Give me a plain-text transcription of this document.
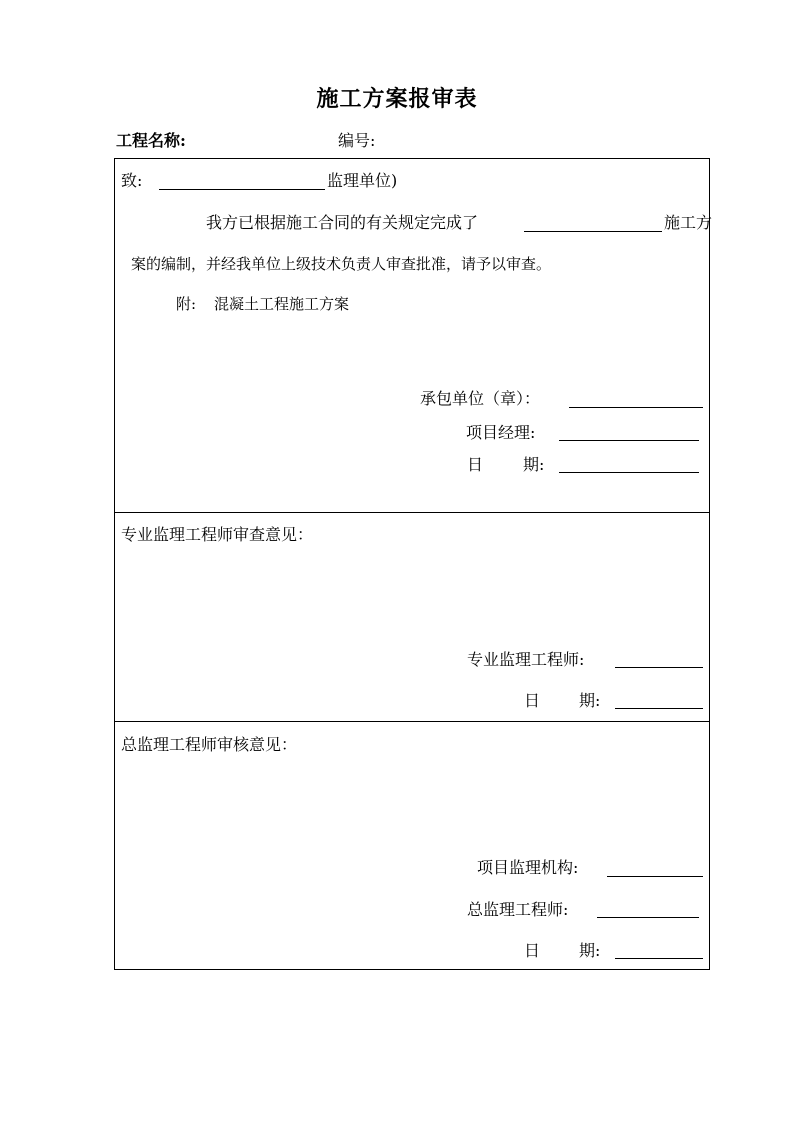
施工方案报审表
工程名称:	编号:
致:	监理单位)
我方已根据施工合同的有关规定完成了	施工方
案的编制，并经我单位上级技术负责人审查批准，请予以审查。
附: 混凝土工程施工方案
承包单位（章）：
项目经理:
日 期:
专业监理工程师审查意见：
专业监理工程师:
日 期:
总监理工程师审核意见：
项目监理机构:
总监理工程师:
日 期:
